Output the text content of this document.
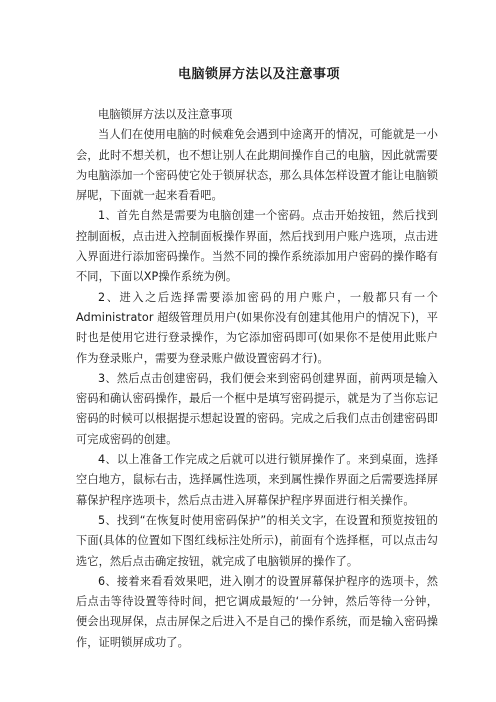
电脑锁屏方法以及注意事项

电脑锁屏方法以及注意事项

当人们在使用电脑的时候难免会遇到中途离开的情况，可能就是一小会，此时不想关机，也不想让别人在此期间操作自己的电脑，因此就需要为电脑添加一个密码使它处于锁屏状态，那么具体怎样设置才能让电脑锁屏呢，下面就一起来看看吧。

1、首先自然是需要为电脑创建一个密码。点击开始按钮，然后找到控制面板，点击进入控制面板操作界面，然后找到用户账户选项，点击进入界面进行添加密码操作。当然不同的操作系统添加用户密码的操作略有不同，下面以XP操作系统为例。

2、进入之后选择需要添加密码的用户账户，一般都只有一个Administrator 超级管理员用户(如果你没有创建其他用户的情况下)，平时也是使用它进行登录操作，为它添加密码即可(如果你不是使用此账户作为登录账户，需要为登录账户做设置密码才行)。

3、然后点击创建密码，我们便会来到密码创建界面，前两项是输入密码和确认密码操作，最后一个框中是填写密码提示，就是为了当你忘记密码的时候可以根据提示想起设置的密码。完成之后我们点击创建密码即可完成密码的创建。

4、以上准备工作完成之后就可以进行锁屏操作了。来到桌面，选择空白地方，鼠标右击，选择属性选项，来到属性操作界面之后需要选择屏幕保护程序选项卡，然后点击进入屏幕保护程序界面进行相关操作。

5、找到“在恢复时使用密码保护”的相关文字，在设置和预览按钮的下面(具体的位置如下图红线标注处所示)，前面有个选择框，可以点击勾选它，然后点击确定按钮，就完成了电脑锁屏的操作了。

6、接着来看看效果吧，进入刚才的设置屏幕保护程序的选项卡，然后点击等待设置等待时间，把它调成最短的‘一分钟，然后等待一分钟，便会出现屏保，点击屏保之后进入不是自己的操作系统，而是输入密码操作，证明锁屏成功了。
